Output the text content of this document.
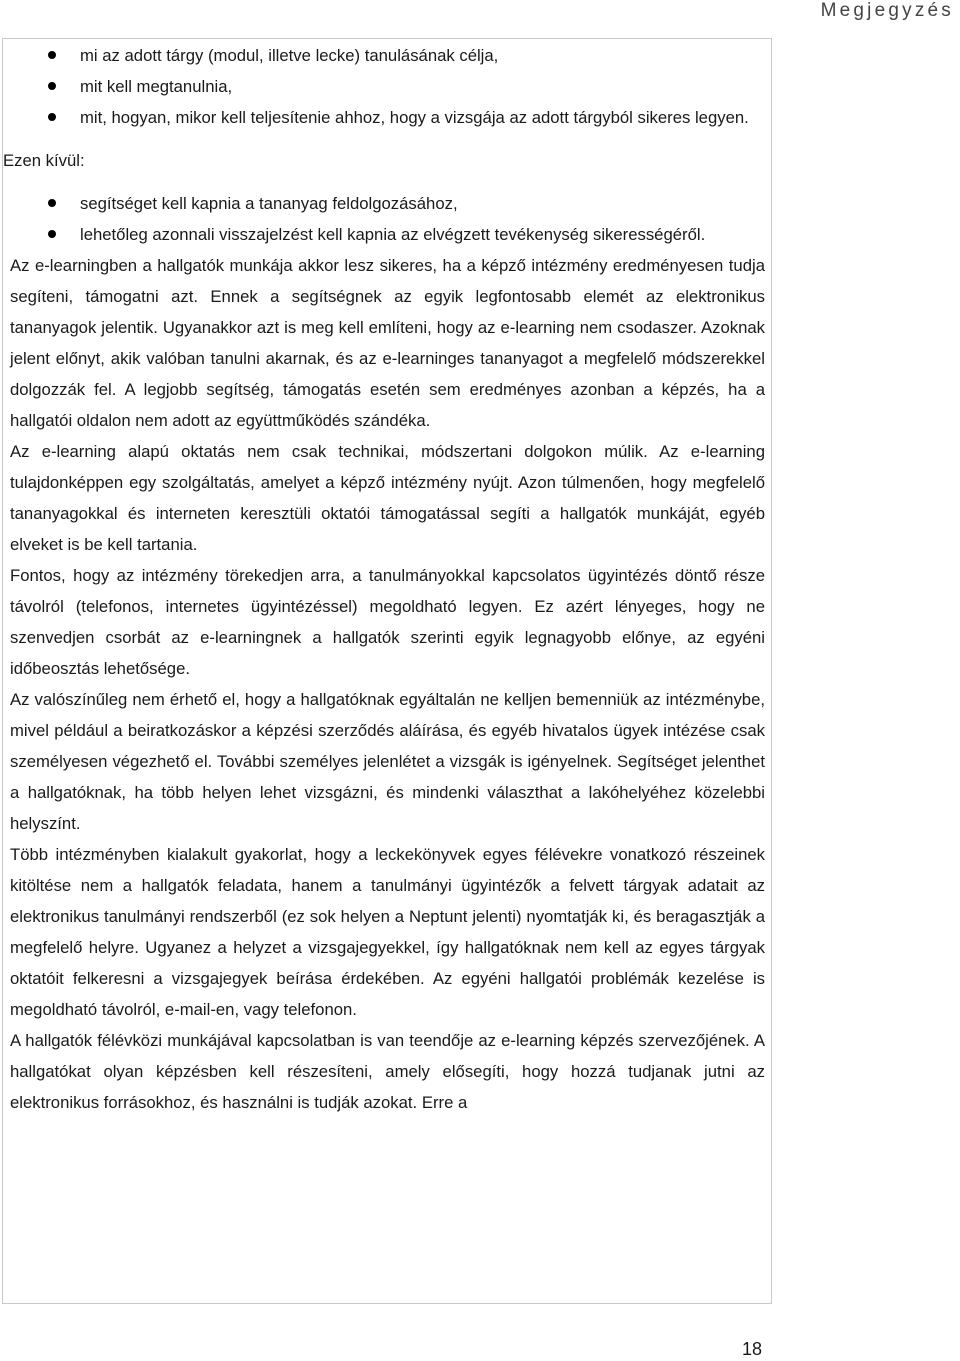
Megjegyzés
mi az adott tárgy (modul, illetve lecke) tanulásának célja,
mit kell megtanulnia,
mit, hogyan, mikor kell teljesítenie ahhoz, hogy a vizsgája az adott tárgyból sikeres legyen.

Ezen kívül:

segítséget kell kapnia a tananyag feldolgozásához,
lehetőleg azonnali visszajelzést kell kapnia az elvégzett tevékenység sikerességéről.

Az e-learningben a hallgatók munkája akkor lesz sikeres, ha a képző intézmény eredményesen tudja segíteni, támogatni azt. Ennek a segítségnek az egyik legfontosabb elemét az elektronikus tananyagok jelentik. Ugyanakkor azt is meg kell említeni, hogy az e-learning nem csodaszer. Azoknak jelent előnyt, akik valóban tanulni akarnak, és az e-learninges tananyagot a megfelelő módszerekkel dolgozzák fel. A legjobb segítség, támogatás esetén sem eredményes azonban a képzés, ha a hallgatói oldalon nem adott az együttműködés szándéka.

Az e-learning alapú oktatás nem csak technikai, módszertani dolgokon múlik. Az e-learning tulajdonképpen egy szolgáltatás, amelyet a képző intézmény nyújt. Azon túlmenően, hogy megfelelő tananyagokkal és interneten keresztüli oktatói támogatással segíti a hallgatók munkáját, egyéb elveket is be kell tartania.

Fontos, hogy az intézmény törekedjen arra, a tanulmányokkal kapcsolatos ügyintézés döntő része távolról (telefonos, internetes ügyintézéssel) megoldható legyen. Ez azért lényeges, hogy ne szenvedjen csorbát az e-learningnek a hallgatók szerinti egyik legnagyobb előnye, az egyéni időbeosztás lehetősége.

Az valószínűleg nem érhető el, hogy a hallgatóknak egyáltalán ne kelljen bemenniük az intézménybe, mivel például a beiratkozáskor a képzési szerződés aláírása, és egyéb hivatalos ügyek intézése csak személyesen végezhető el. További személyes jelenlétet a vizsgák is igényelnek. Segítséget jelenthet a hallgatóknak, ha több helyen lehet vizsgázni, és mindenki választhat a lakóhelyéhez közelebbi helyszínt.

Több intézményben kialakult gyakorlat, hogy a leckekönyvek egyes félévekre vonatkozó részeinek kitöltése nem a hallgatók feladata, hanem a tanulmányi ügyintézők a felvett tárgyak adatait az elektronikus tanulmányi rendszerből (ez sok helyen a Neptunt jelenti) nyomtatják ki, és beragasztják a megfelelő helyre. Ugyanez a helyzet a vizsgajegyekkel, így hallgatóknak nem kell az egyes tárgyak oktatóit felkeresni a vizsgajegyek beírása érdekében. Az egyéni hallgatói problémák kezelése is megoldható távolról, e-mail-en, vagy telefonon.

A hallgatók félévközi munkájával kapcsolatban is van teendője az e-learning képzés szervezőjének. A hallgatókat olyan képzésben kell részesíteni, amely elősegíti, hogy hozzá tudjanak jutni az elektronikus forrásokhoz, és használni is tudják azokat. Erre a

18
